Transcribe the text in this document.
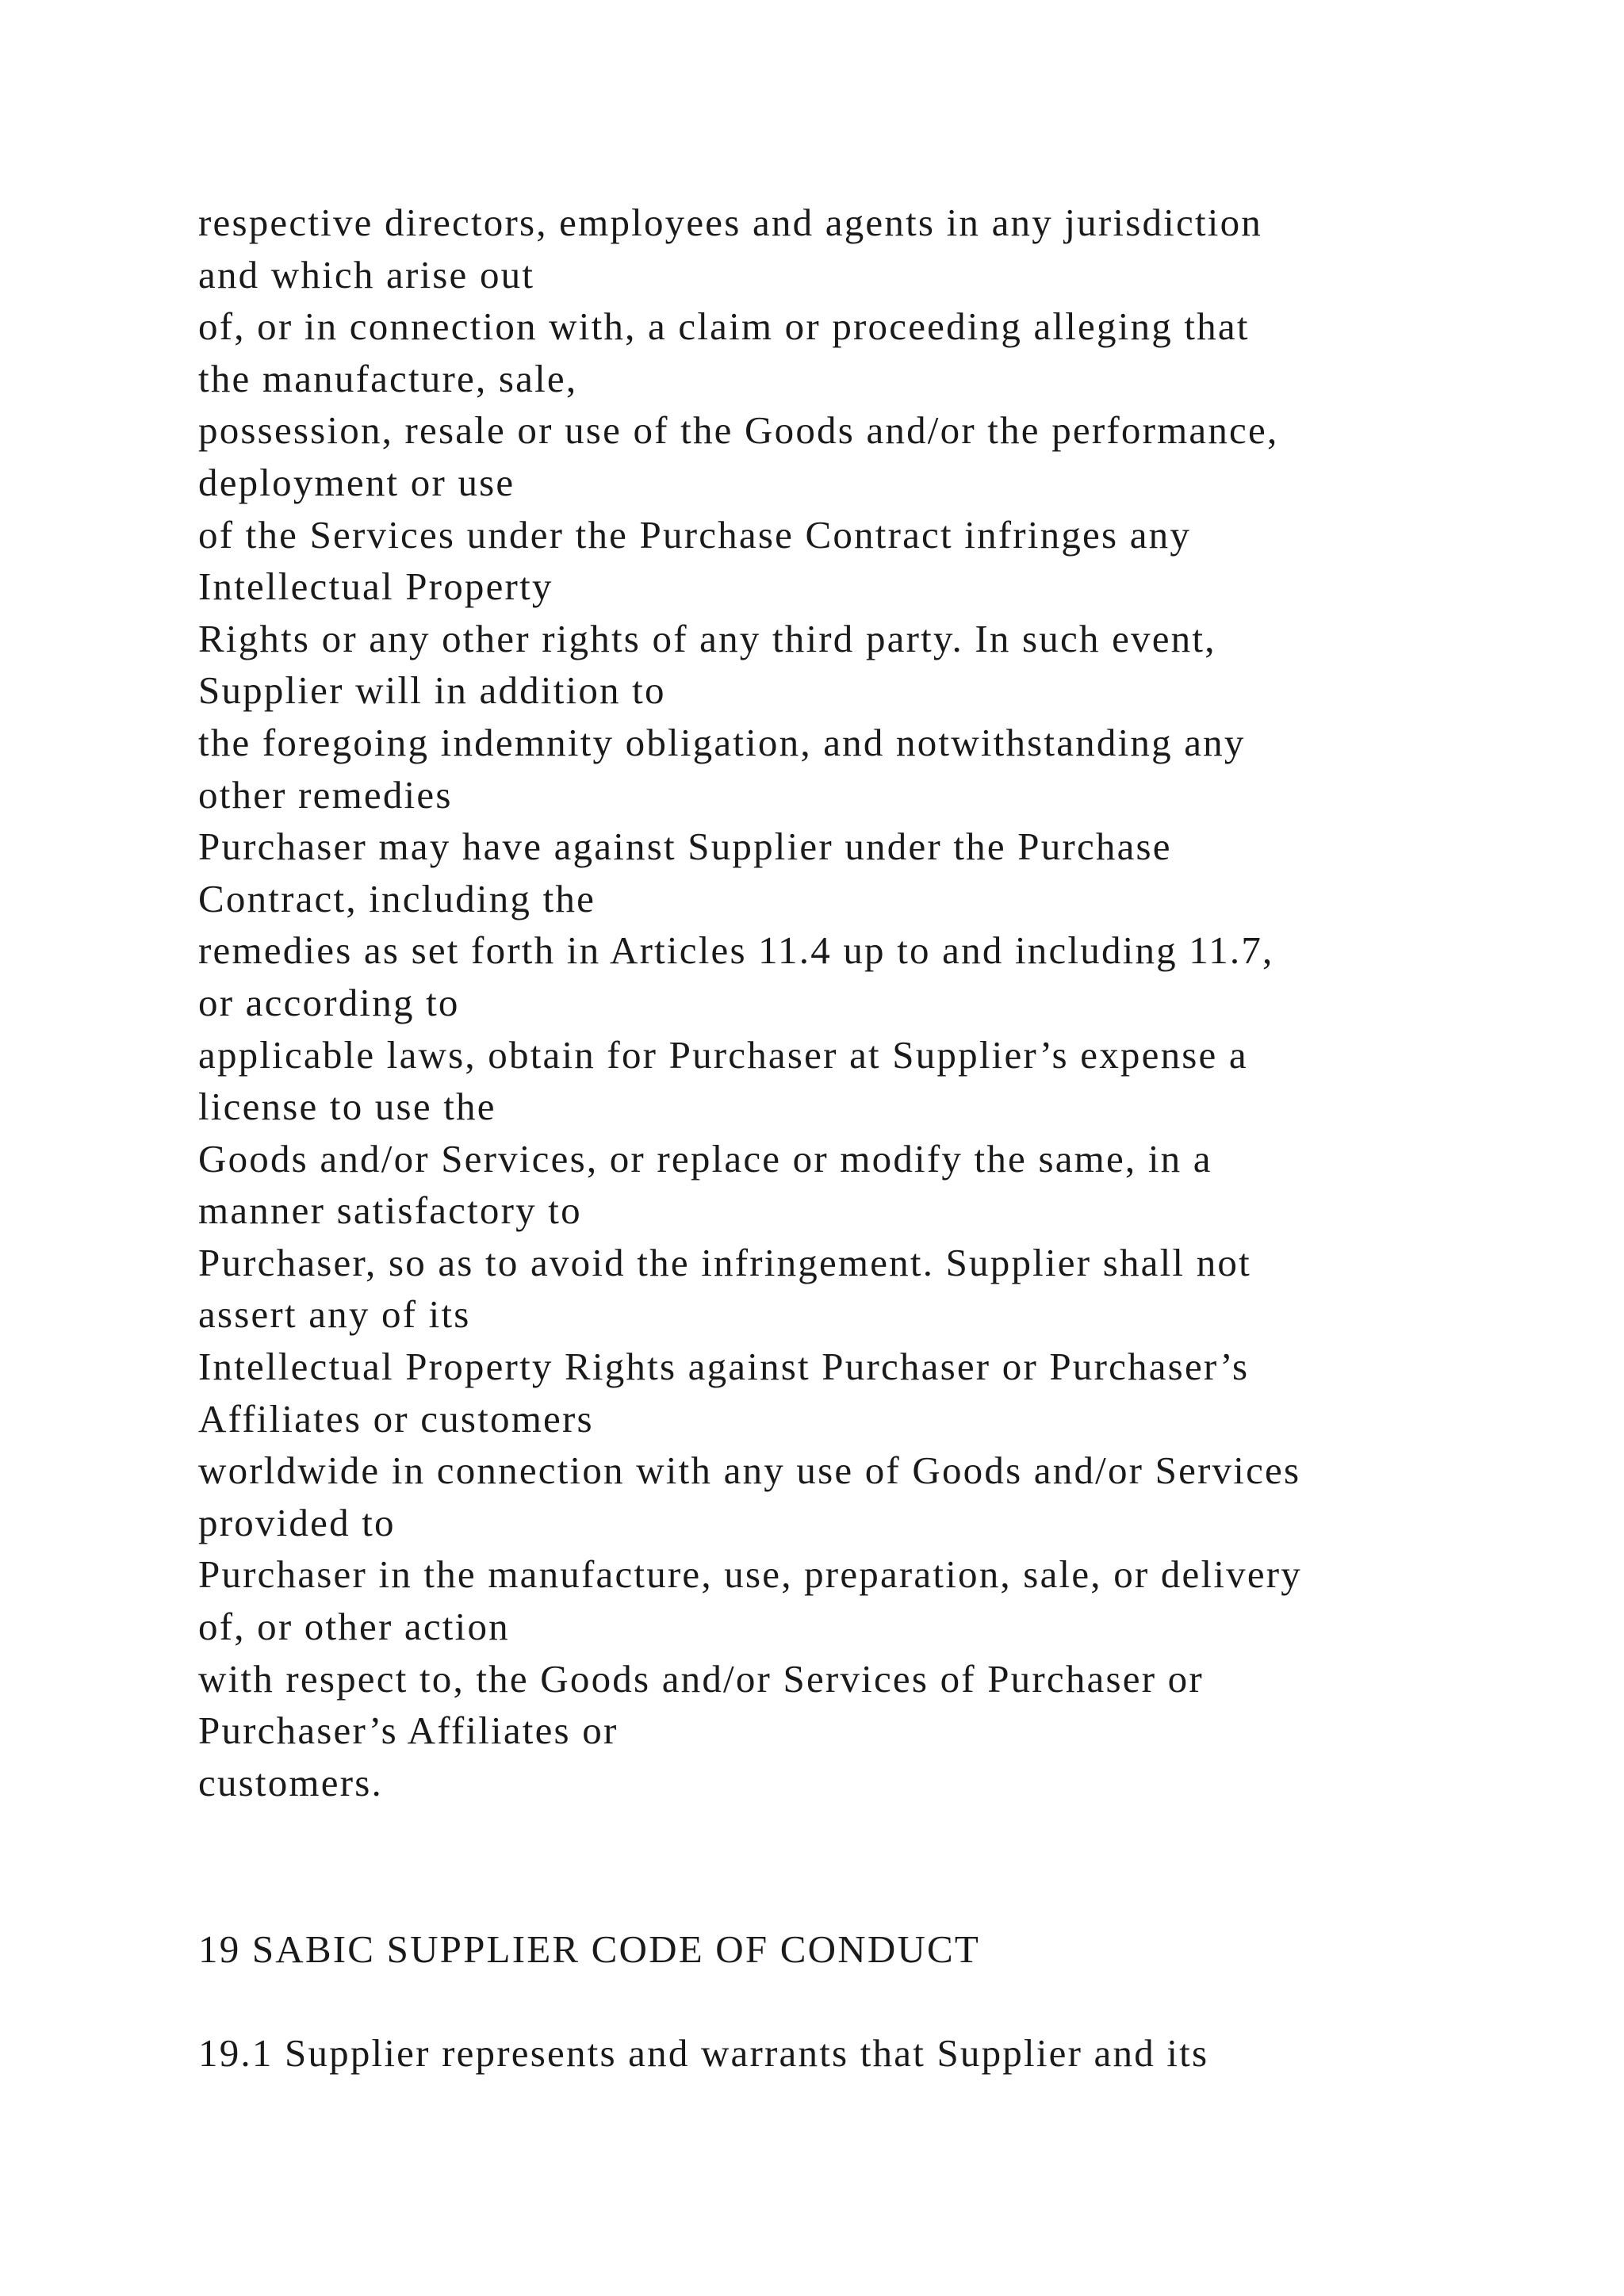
respective directors, employees and agents in any jurisdiction
and which arise out
of, or in connection with, a claim or proceeding alleging that
the manufacture, sale,
possession, resale or use of the Goods and/or the performance,
deployment or use
of the Services under the Purchase Contract infringes any
Intellectual Property
Rights or any other rights of any third party. In such event,
Supplier will in addition to
the foregoing indemnity obligation, and notwithstanding any
other remedies
Purchaser may have against Supplier under the Purchase
Contract, including the
remedies as set forth in Articles 11.4 up to and including 11.7,
or according to
applicable laws, obtain for Purchaser at Supplier’s expense a
license to use the
Goods and/or Services, or replace or modify the same, in a
manner satisfactory to
Purchaser, so as to avoid the infringement. Supplier shall not
assert any of its
Intellectual Property Rights against Purchaser or Purchaser’s
Affiliates or customers
worldwide in connection with any use of Goods and/or Services
provided to
Purchaser in the manufacture, use, preparation, sale, or delivery
of, or other action
with respect to, the Goods and/or Services of Purchaser or
Purchaser’s Affiliates or
customers.
19 SABIC SUPPLIER CODE OF CONDUCT
19.1 Supplier represents and warrants that Supplier and its
